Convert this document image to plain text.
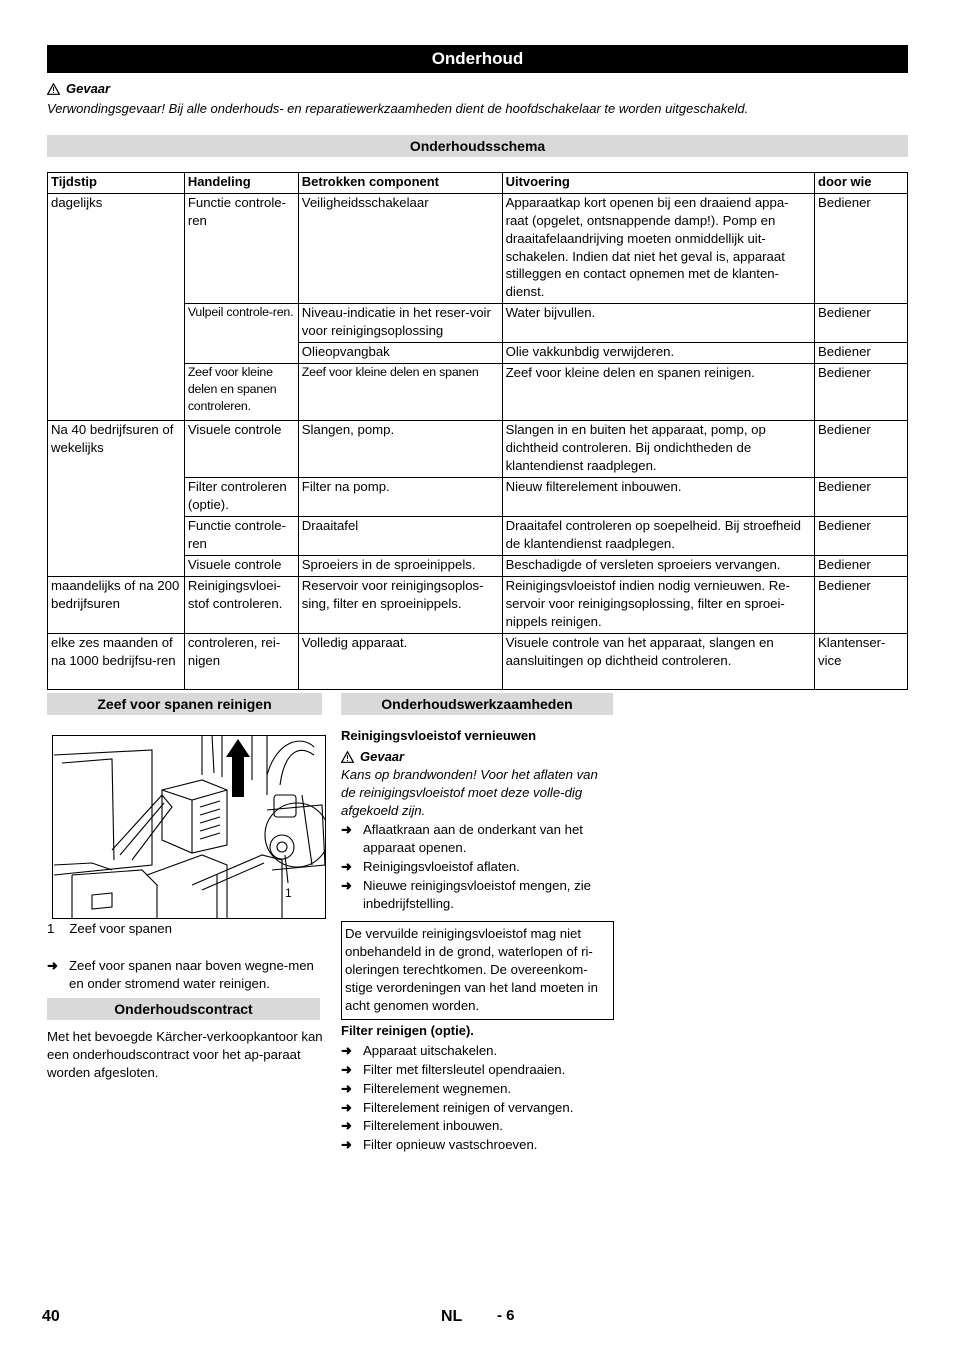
Onderhoud
Gevaar
Verwondingsgevaar! Bij alle onderhouds- en reparatiewerkzaamheden dient de hoofdschakelaar te worden uitgeschakeld.
Onderhoudsschema
Tijdstip	Handeling	Betrokken component	Uitvoering	door wie
dagelijks	Functie controle-ren	Veiligheidsschakelaar	Apparaatkap kort openen bij een draaiend appa-raat (opgelet, ontsnappende damp!). Pomp en draaitafelaandrijving moeten onmiddellijk uit-schakelen. Indien dat niet het geval is, apparaat stilleggen en contact opnemen met de klanten-dienst.	Bediener
	Vulpeil controle-ren.	Niveau-indicatie in het reser-voir voor reinigingsoplossing	Water bijvullen.	Bediener
		Olieopvangbak	Olie vakkunbdig verwijderen.	Bediener
	Zeef voor kleine delen en spanen controleren.	Zeef voor kleine delen en spanen	Zeef voor kleine delen en spanen reinigen.	Bediener
Na 40 bedrijfsuren of wekelijks	Visuele controle	Slangen, pomp.	Slangen in en buiten het apparaat, pomp, op dichtheid controleren. Bij ondichtheden de klantendienst raadplegen.	Bediener
	Filter controleren (optie).	Filter na pomp.	Nieuw filterelement inbouwen.	Bediener
	Functie controle-ren	Draaitafel	Draaitafel controleren op soepelheid. Bij stroefheid de klantendienst raadplegen.	Bediener
	Visuele controle	Sproeiers in de sproeinippels.	Beschadigde of versleten sproeiers vervangen.	Bediener
maandelijks of na 200 bedrijfsuren	Reinigingsvloei-stof controleren.	Reservoir voor reinigingsoplos-sing, filter en sproeinippels.	Reinigingsvloeistof indien nodig vernieuwen. Re-servoir voor reinigingsoplossing, filter en sproei-nippels reinigen.	Bediener
elke zes maanden of na 1000 bedrijfsu-ren	controleren, rei-nigen	Volledig apparaat.	Visuele controle van het apparaat, slangen en aansluitingen op dichtheid controleren.	Klantenser-vice
Zeef voor spanen reinigen
1
1 Zeef voor spanen
➜ Zeef voor spanen naar boven wegne-men en onder stromend water reinigen.
Onderhoudscontract
Met het bevoegde Kärcher-verkoopkantoor kan een onderhoudscontract voor het ap-paraat worden afgesloten.
Onderhoudswerkzaamheden
Reinigingsvloeistof vernieuwen
Gevaar
Kans op brandwonden! Voor het aflaten van de reinigingsvloeistof moet deze volle-dig afgekoeld zijn.
➜ Aflaatkraan aan de onderkant van het apparaat openen.
➜ Reinigingsvloeistof aflaten.
➜ Nieuwe reinigingsvloeistof mengen, zie inbedrijfstelling.
De vervuilde reinigingsvloeistof mag niet onbehandeld in de grond, waterlopen of ri-oleringen terechtkomen. De overeenkom-stige verordeningen van het land moeten in acht genomen worden.
Filter reinigen (optie).
➜ Apparaat uitschakelen.
➜ Filter met filtersleutel opendraaien.
➜ Filterelement wegnemen.
➜ Filterelement reinigen of vervangen.
➜ Filterelement inbouwen.
➜ Filter opnieuw vastschroeven.
40	NL - 6
